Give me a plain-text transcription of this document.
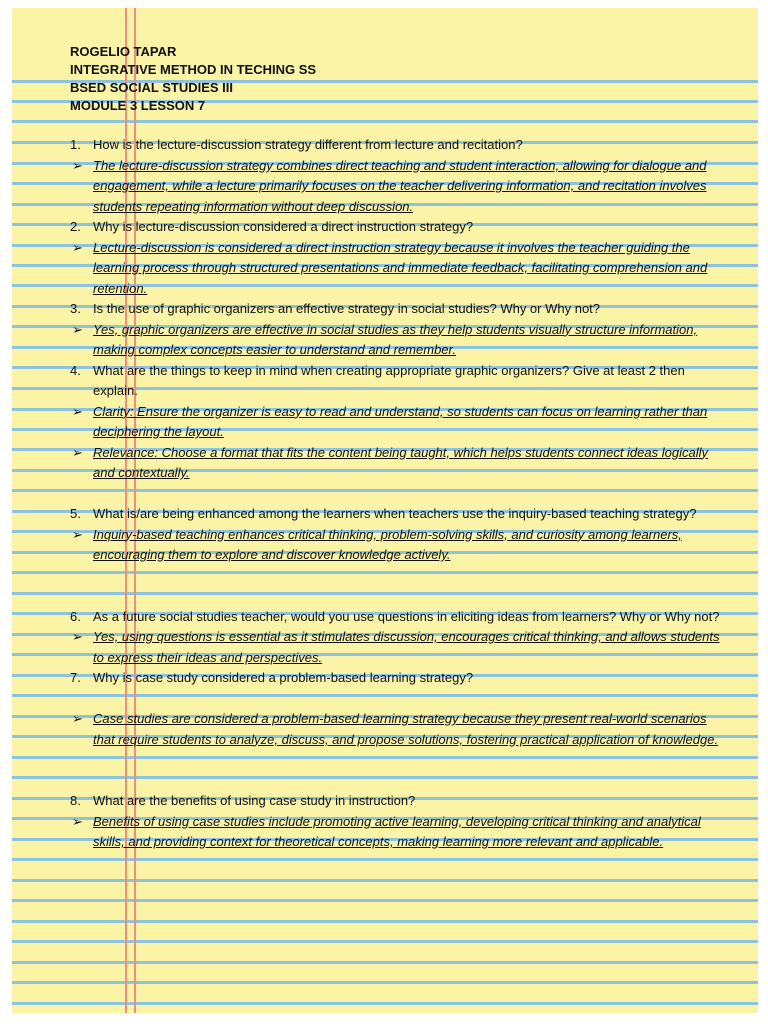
ROGELIO TAPAR
INTEGRATIVE METHOD IN TECHING SS
BSED SOCIAL STUDIES III
MODULE 3 LESSON 7
1. How is the lecture-discussion strategy different from lecture and recitation?
➢ The lecture-discussion strategy combines direct teaching and student interaction, allowing for dialogue and engagement, while a lecture primarily focuses on the teacher delivering information, and recitation involves students repeating information without deep discussion.
2. Why is lecture-discussion considered a direct instruction strategy?
➢ Lecture-discussion is considered a direct instruction strategy because it involves the teacher guiding the learning process through structured presentations and immediate feedback, facilitating comprehension and retention.
3. Is the use of graphic organizers an effective strategy in social studies? Why or Why not?
➢ Yes, graphic organizers are effective in social studies as they help students visually structure information, making complex concepts easier to understand and remember.
4. What are the things to keep in mind when creating appropriate graphic organizers? Give at least 2 then explain.
➢ Clarity: Ensure the organizer is easy to read and understand, so students can focus on learning rather than deciphering the layout.
➢ Relevance: Choose a format that fits the content being taught, which helps students connect ideas logically and contextually.
5. What is/are being enhanced among the learners when teachers use the inquiry-based teaching strategy?
➢ Inquiry-based teaching enhances critical thinking, problem-solving skills, and curiosity among learners, encouraging them to explore and discover knowledge actively.
6. As a future social studies teacher, would you use questions in eliciting ideas from learners? Why or Why not?
➢ Yes, using questions is essential as it stimulates discussion, encourages critical thinking, and allows students to express their ideas and perspectives.
7. Why is case study considered a problem-based learning strategy?
➢ Case studies are considered a problem-based learning strategy because they present real-world scenarios that require students to analyze, discuss, and propose solutions, fostering practical application of knowledge.
8. What are the benefits of using case study in instruction?
➢ Benefits of using case studies include promoting active learning, developing critical thinking and analytical skills, and providing context for theoretical concepts, making learning more relevant and applicable.
